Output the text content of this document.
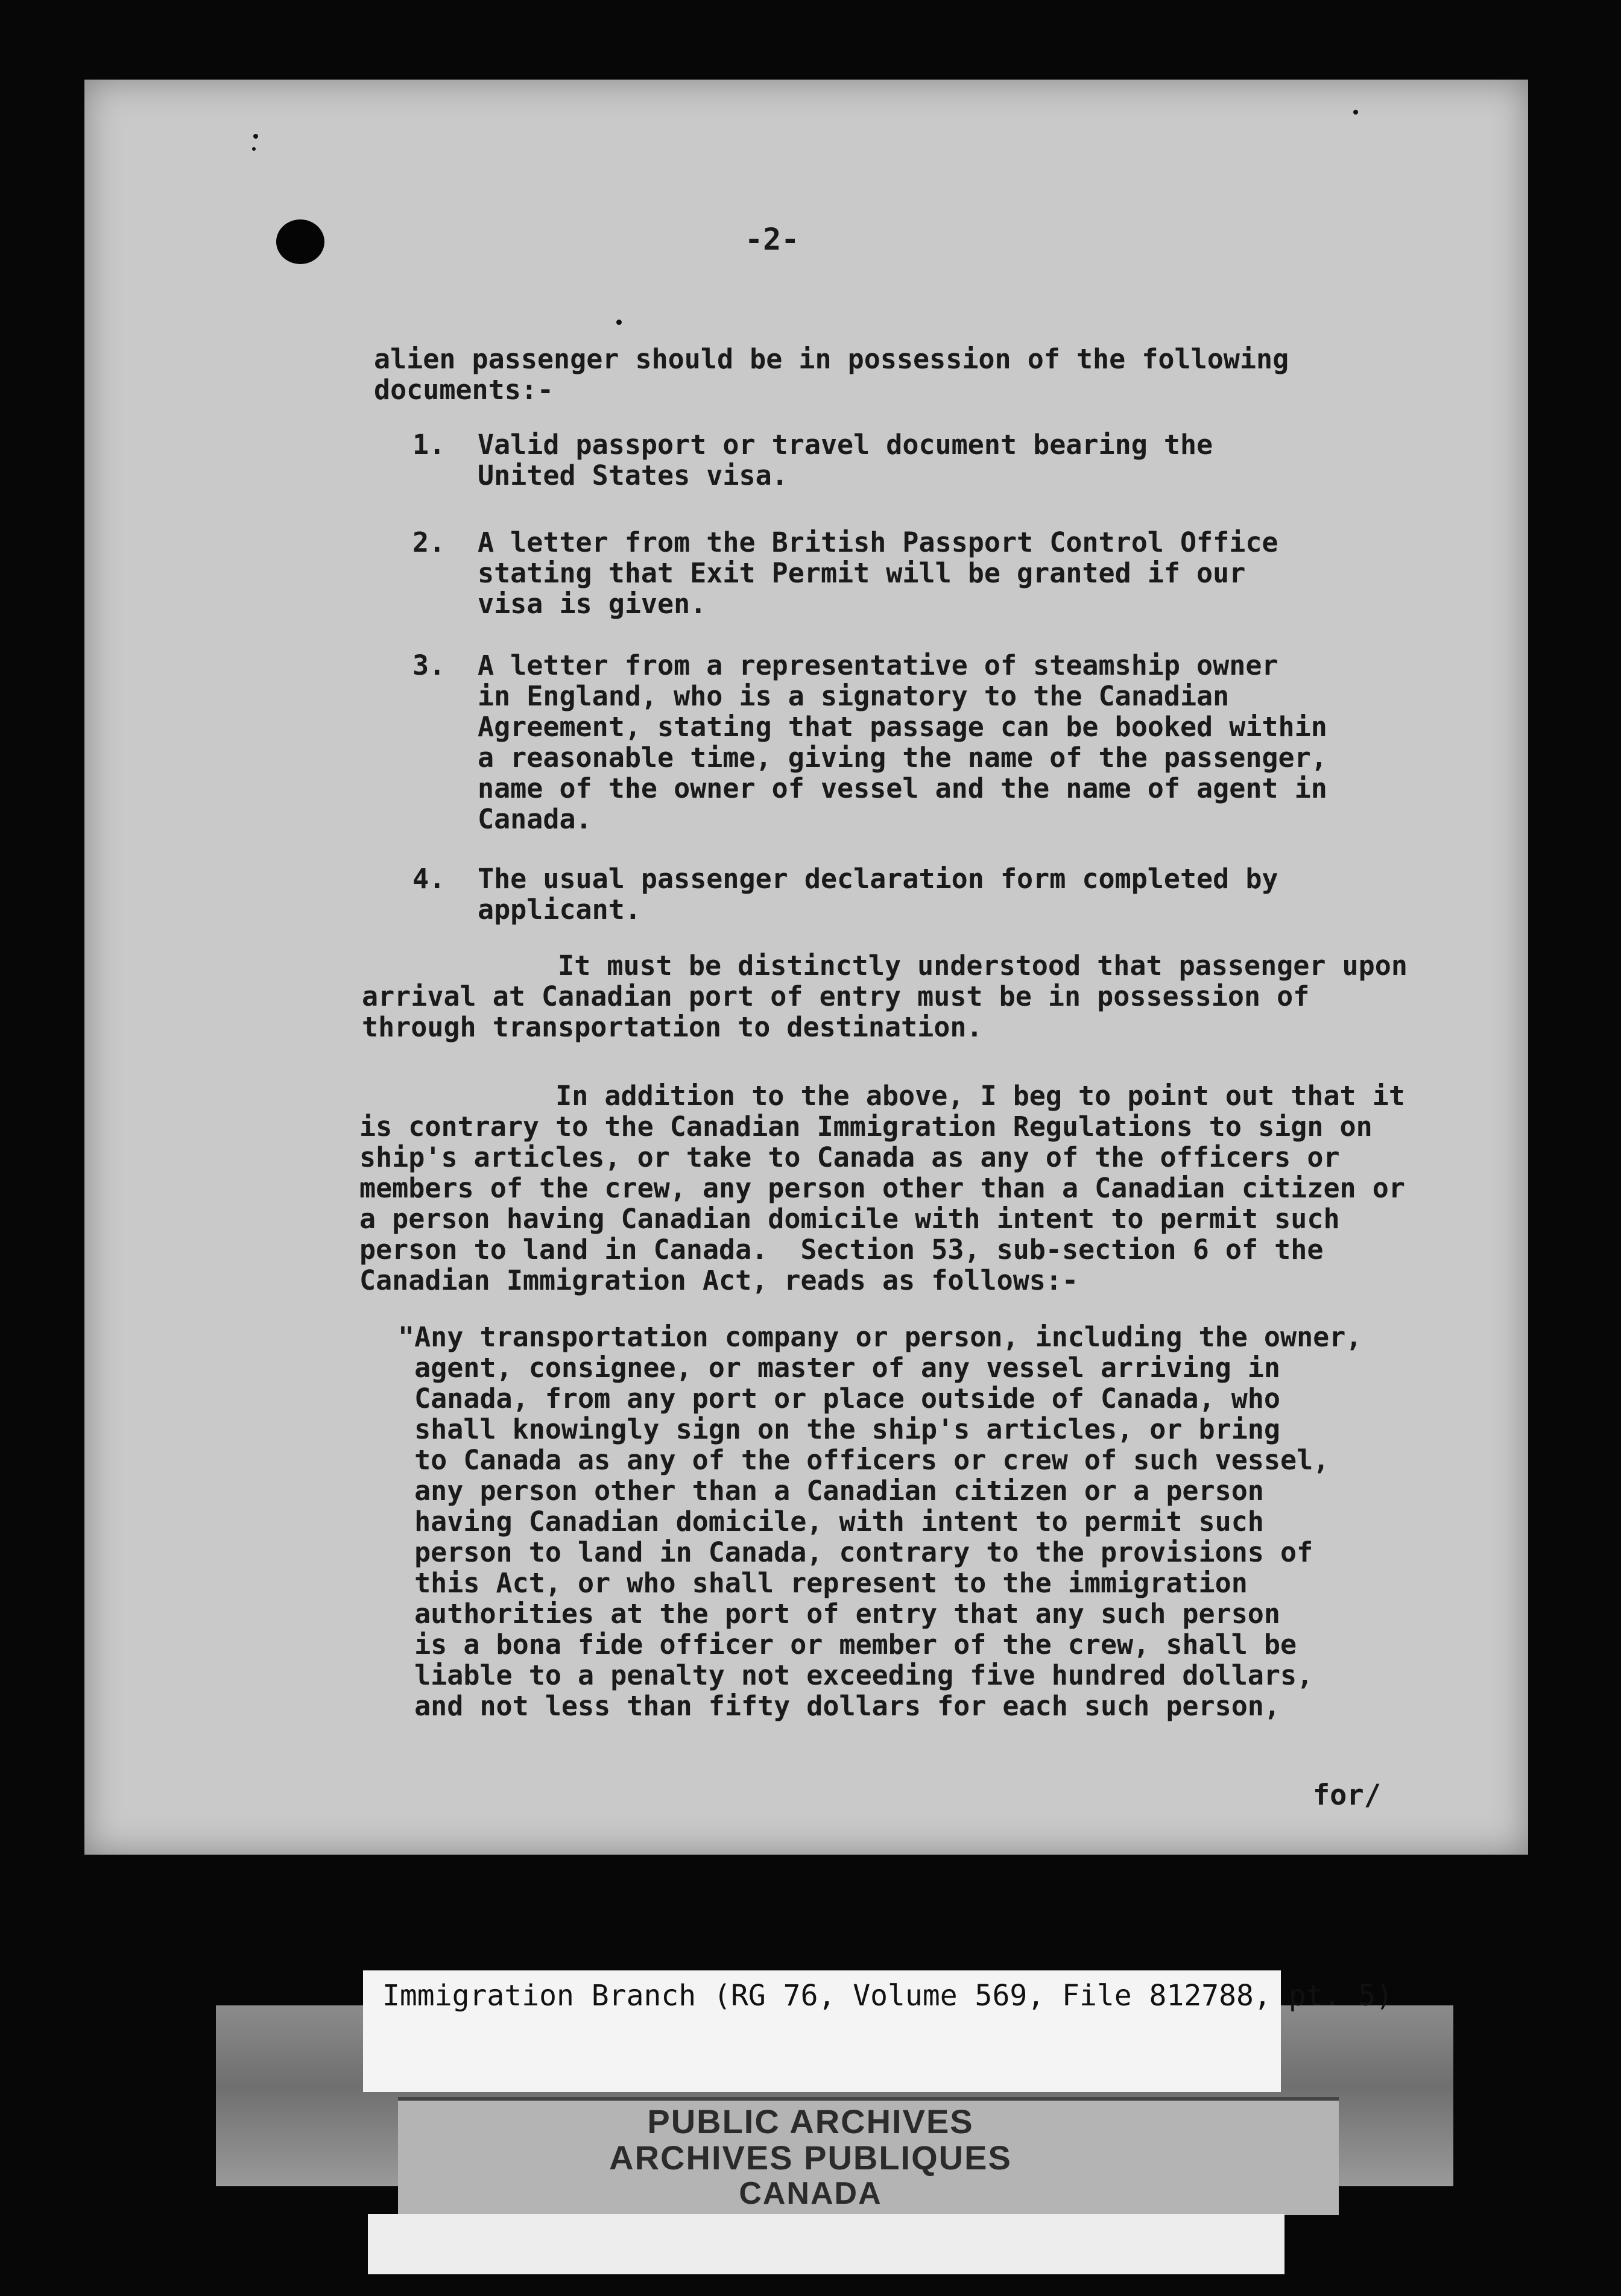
-2-
alien passenger should be in possession of the following
documents:-
1. Valid passport or travel document bearing the
United States visa.
2. A letter from the British Passport Control Office
stating that Exit Permit will be granted if our
visa is given.
3. A letter from a representative of steamship owner
in England, who is a signatory to the Canadian
Agreement, stating that passage can be booked within
a reasonable time, giving the name of the passenger,
name of the owner of vessel and the name of agent in
Canada.
4. The usual passenger declaration form completed by
applicant.
It must be distinctly understood that passenger upon
arrival at Canadian port of entry must be in possession of
through transportation to destination.
In addition to the above, I beg to point out that it
is contrary to the Canadian Immigration Regulations to sign on
ship's articles, or take to Canada as any of the officers or
members of the crew, any person other than a Canadian citizen or
a person having Canadian domicile with intent to permit such
person to land in Canada.  Section 53, sub-section 6 of the
Canadian Immigration Act, reads as follows:-
"Any transportation company or person, including the owner,
agent, consignee, or master of any vessel arriving in
Canada, from any port or place outside of Canada, who
shall knowingly sign on the ship's articles, or bring
to Canada as any of the officers or crew of such vessel,
any person other than a Canadian citizen or a person
having Canadian domicile, with intent to permit such
person to land in Canada, contrary to the provisions of
this Act, or who shall represent to the immigration
authorities at the port of entry that any such person
is a bona fide officer or member of the crew, shall be
liable to a penalty not exceeding five hundred dollars,
and not less than fifty dollars for each such person,
for/
Immigration Branch (RG 76, Volume 569, File 812788, pt. 5)
PUBLIC ARCHIVES
ARCHIVES PUBLIQUES
CANADA
